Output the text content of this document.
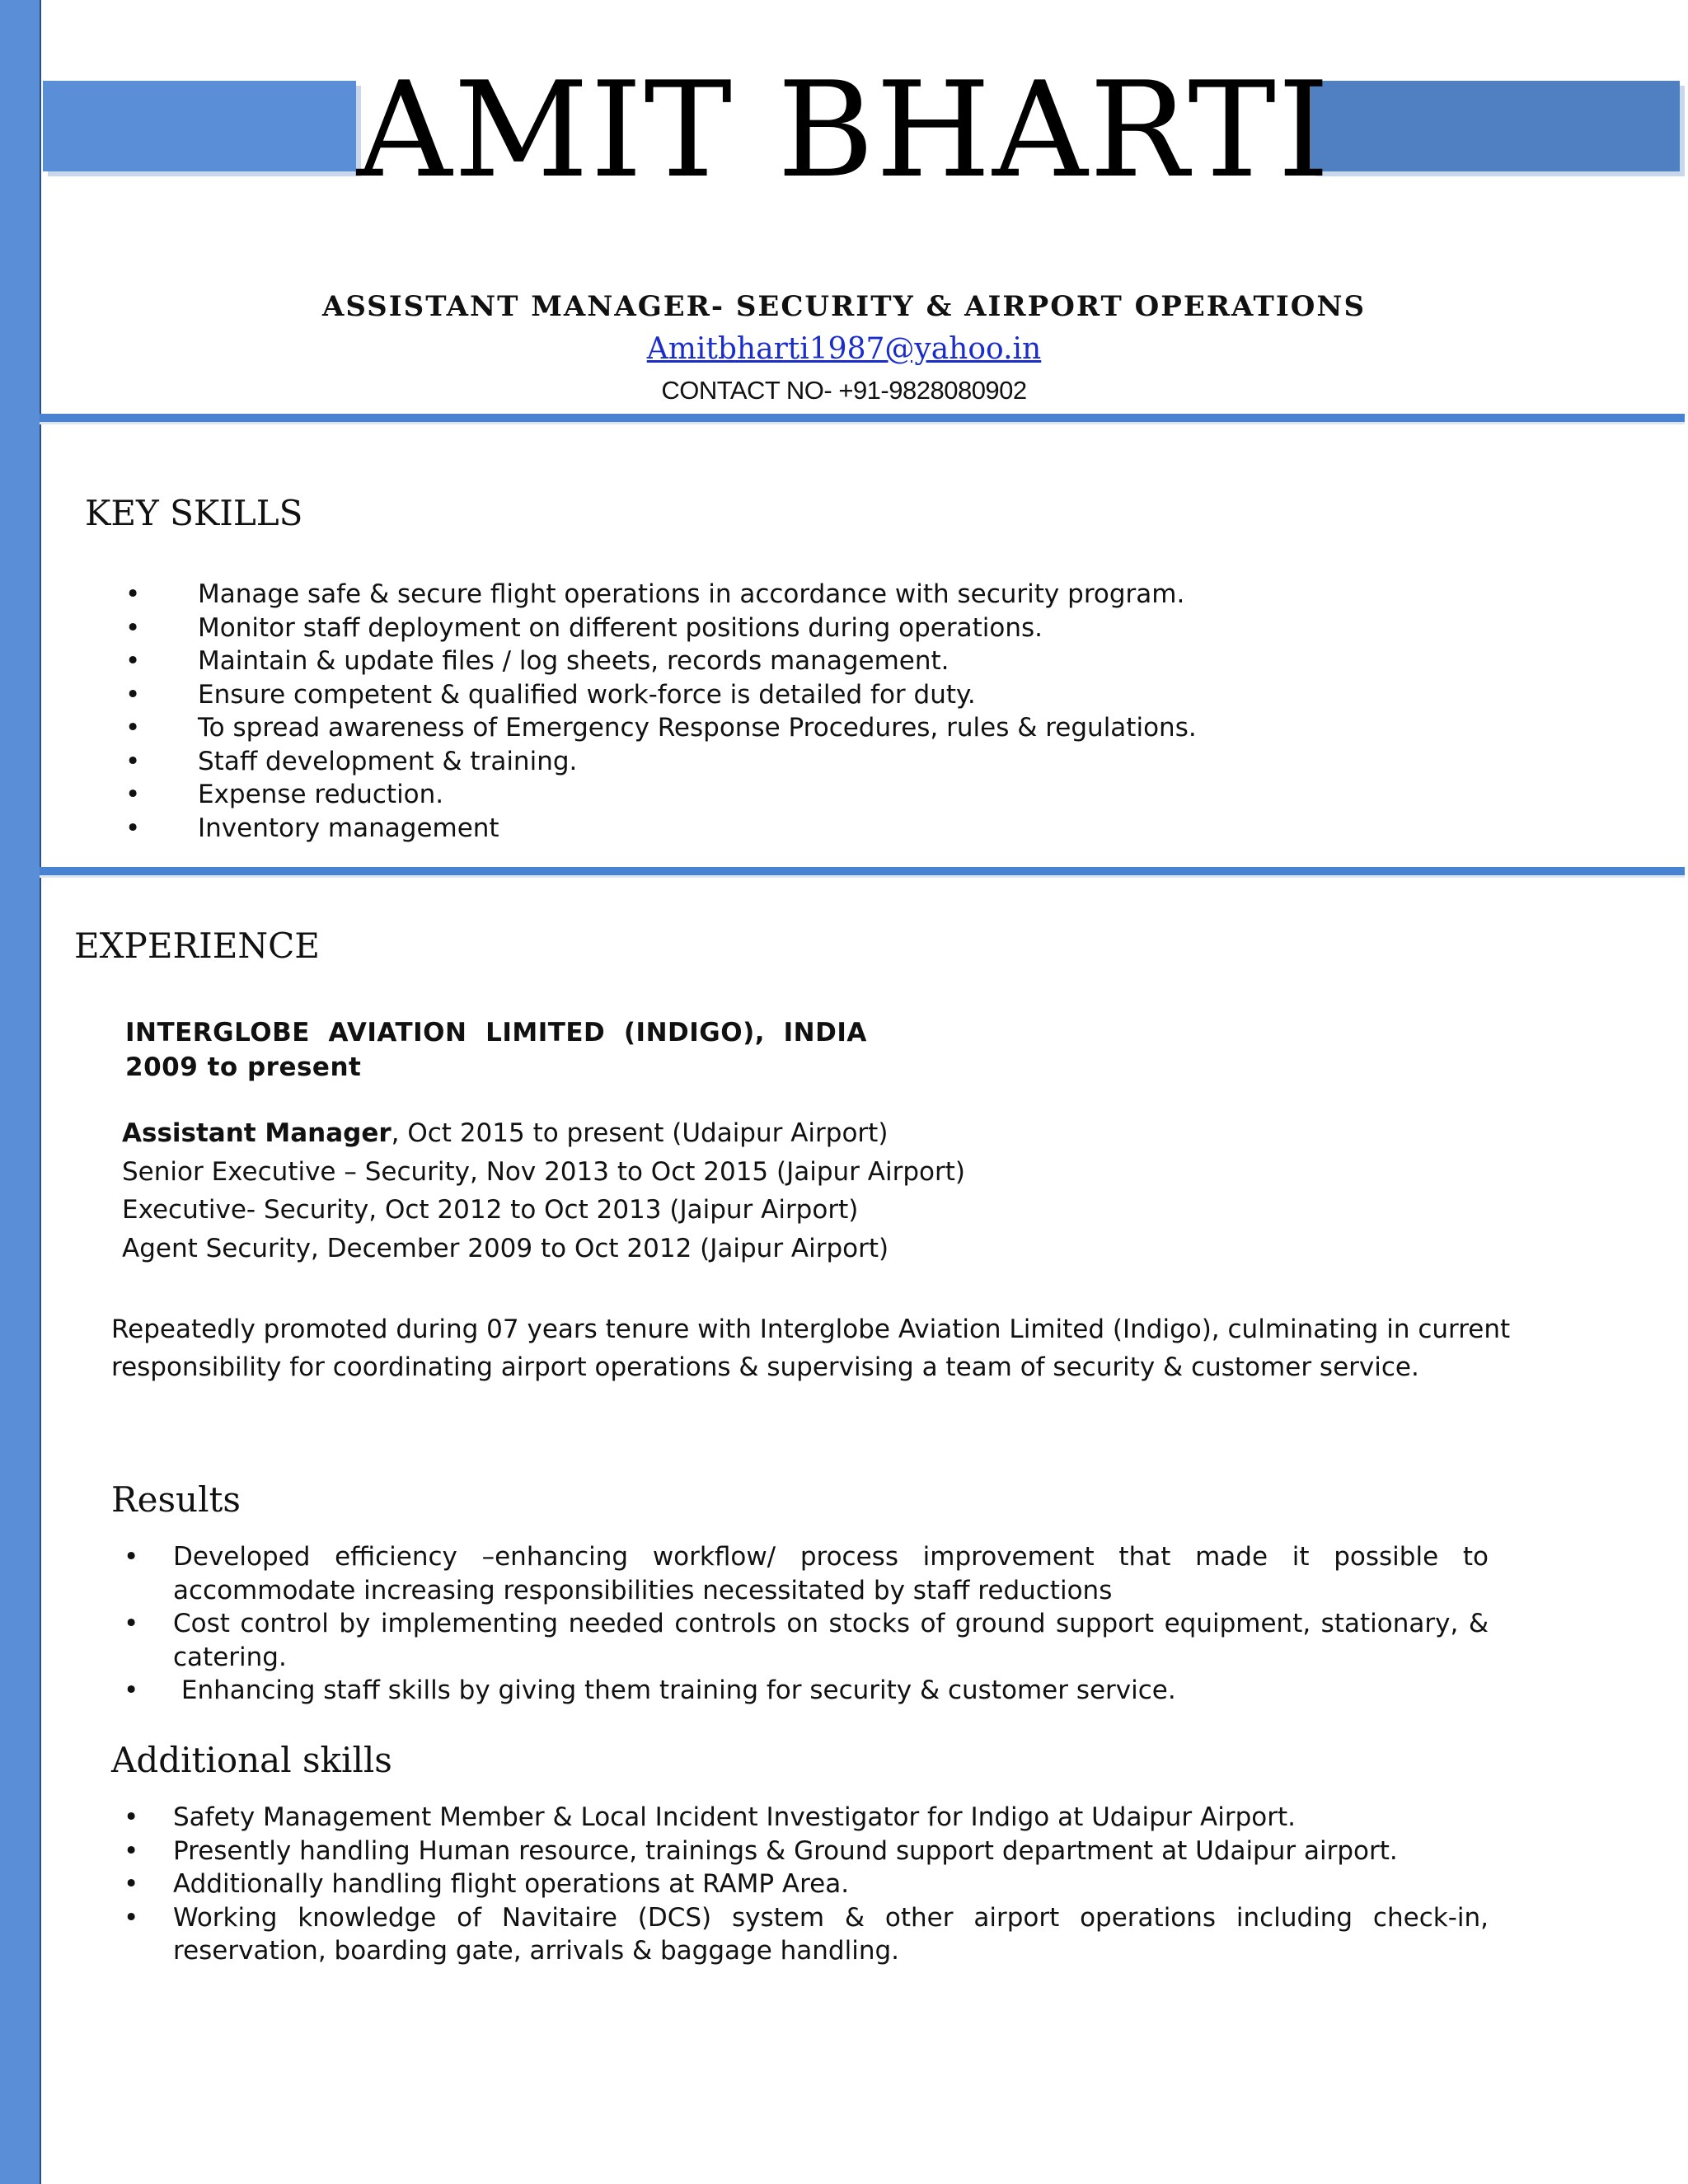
AMIT BHARTI
ASSISTANT MANAGER- SECURITY & AIRPORT OPERATIONS
Amitbharti1987@yahoo.in
CONTACT NO- +91-9828080902
KEY SKILLS
• Manage safe & secure flight operations in accordance with security program.
• Monitor staff deployment on different positions during operations.
• Maintain & update files / log sheets, records management.
• Ensure competent & qualified work-force is detailed for duty.
• To spread awareness of Emergency Response Procedures, rules & regulations.
• Staff development & training.
• Expense reduction.
• Inventory management
EXPERIENCE
INTERGLOBE  AVIATION  LIMITED  (INDIGO),  INDIA
2009 to present
Assistant Manager, Oct 2015 to present (Udaipur Airport)
Senior Executive – Security, Nov 2013 to Oct 2015 (Jaipur Airport)
Executive- Security, Oct 2012 to Oct 2013 (Jaipur Airport)
Agent Security, December 2009 to Oct 2012 (Jaipur Airport)
Repeatedly promoted during 07 years tenure with Interglobe Aviation Limited (Indigo), culminating in current responsibility for coordinating airport operations & supervising a team of security & customer service.
Results
• Developed efficiency –enhancing workflow/ process improvement that made it possible to accommodate increasing responsibilities necessitated by staff reductions
• Cost control by implementing needed controls on stocks of ground support equipment, stationary, & catering.
•  Enhancing staff skills by giving them training for security & customer service.
Additional skills
• Safety Management Member & Local Incident Investigator for Indigo at Udaipur Airport.
• Presently handling Human resource, trainings & Ground support department at Udaipur airport.
• Additionally handling flight operations at RAMP Area.
• Working knowledge of Navitaire (DCS) system & other airport operations including check-in, reservation, boarding gate, arrivals & baggage handling.
